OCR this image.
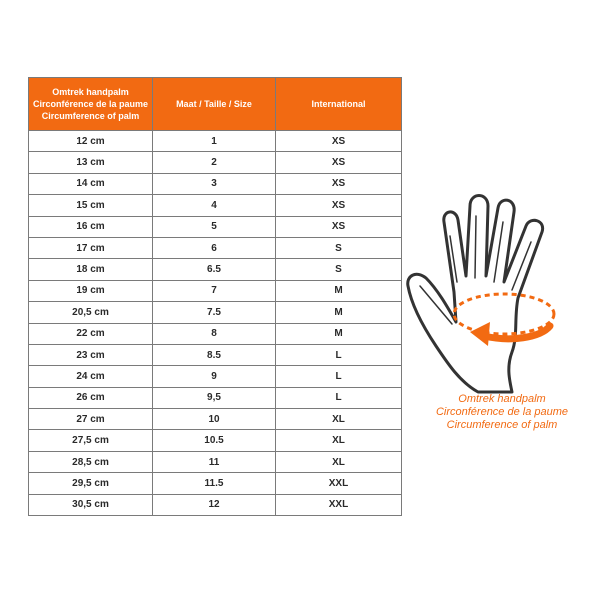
Omtrek handpalm
Circonférence de la paume
Circumference of palm	Maat / Taille / Size	International

12 cm	1	XS
13 cm	2	XS
14 cm	3	XS
15 cm	4	XS
16 cm	5	XS
17 cm	6	S
18 cm	6.5	S
19 cm	7	M
20,5 cm	7.5	M
22 cm	8	M
23 cm	8.5	L
24 cm	9	L
26 cm	9,5	L
27 cm	10	XL
27,5 cm	10.5	XL
28,5 cm	11	XL
29,5 cm	11.5	XXL
30,5 cm	12	XXL
Omtrek handpalm
Circonférence de la paume
Circumference of palm
